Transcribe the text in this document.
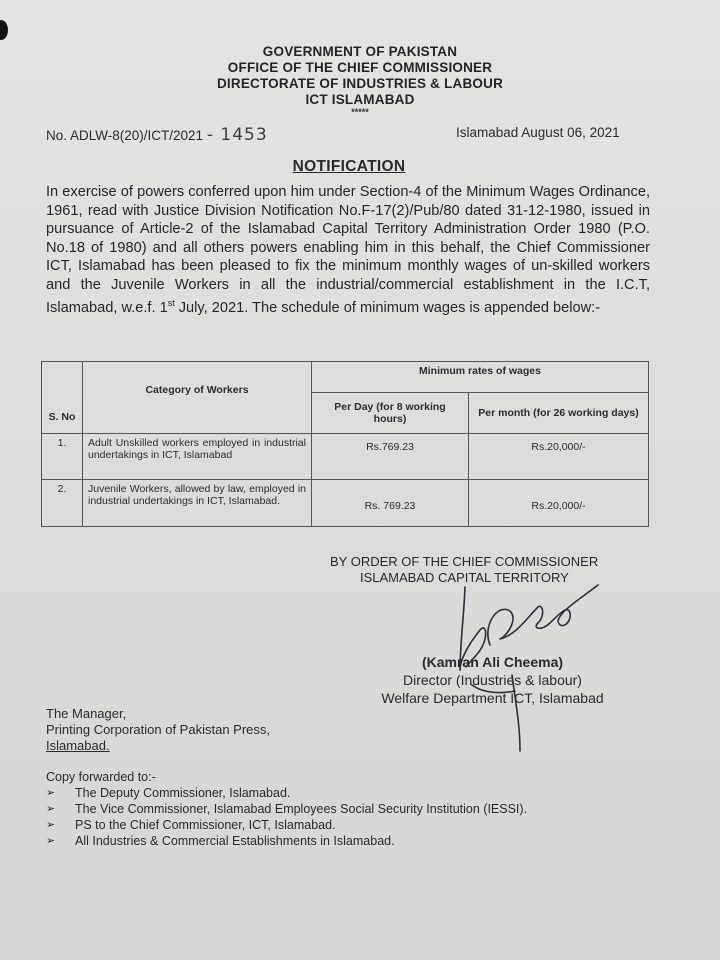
GOVERNMENT OF PAKISTAN
OFFICE OF THE CHIEF COMMISSIONER
DIRECTORATE OF INDUSTRIES & LABOUR
ICT ISLAMABAD
*****
No. ADLW-8(20)/ICT/2021 - 1453	Islamabad August 06, 2021
NOTIFICATION
In exercise of powers conferred upon him under Section-4 of the Minimum Wages Ordinance, 1961, read with Justice Division Notification No.F-17(2)/Pub/80 dated 31-12-1980, issued in pursuance of Article-2 of the Islamabad Capital Territory Administration Order 1980 (P.O. No.18 of 1980) and all others powers enabling him in this behalf, the Chief Commissioner ICT, Islamabad has been pleased to fix the minimum monthly wages of un-skilled workers and the Juvenile Workers in all the industrial/commercial establishment in the I.C.T, Islamabad, w.e.f. 1st July, 2021. The schedule of minimum wages is appended below:-
S. No	Category of Workers	Minimum rates of wages	
		Per Day (for 8 working hours)	Per month (for 26 working days)
1.	Adult Unskilled workers employed in industrial undertakings in ICT, Islamabad	Rs.769.23	Rs.20,000/-
2.	Juvenile Workers, allowed by law, employed in industrial undertakings in ICT, Islamabad.	Rs. 769.23	Rs.20,000/-
BY ORDER OF THE CHIEF COMMISSIONER
ISLAMABAD CAPITAL TERRITORY
(Kamran Ali Cheema)
Director (Industries & labour)
Welfare Department ICT, Islamabad
The Manager,
Printing Corporation of Pakistan Press,
Islamabad.
Copy forwarded to:-
➢ The Deputy Commissioner, Islamabad.
➢ The Vice Commissioner, Islamabad Employees Social Security Institution (IESSI).
➢ PS to the Chief Commissioner, ICT, Islamabad.
➢ All Industries & Commercial Establishments in Islamabad.
